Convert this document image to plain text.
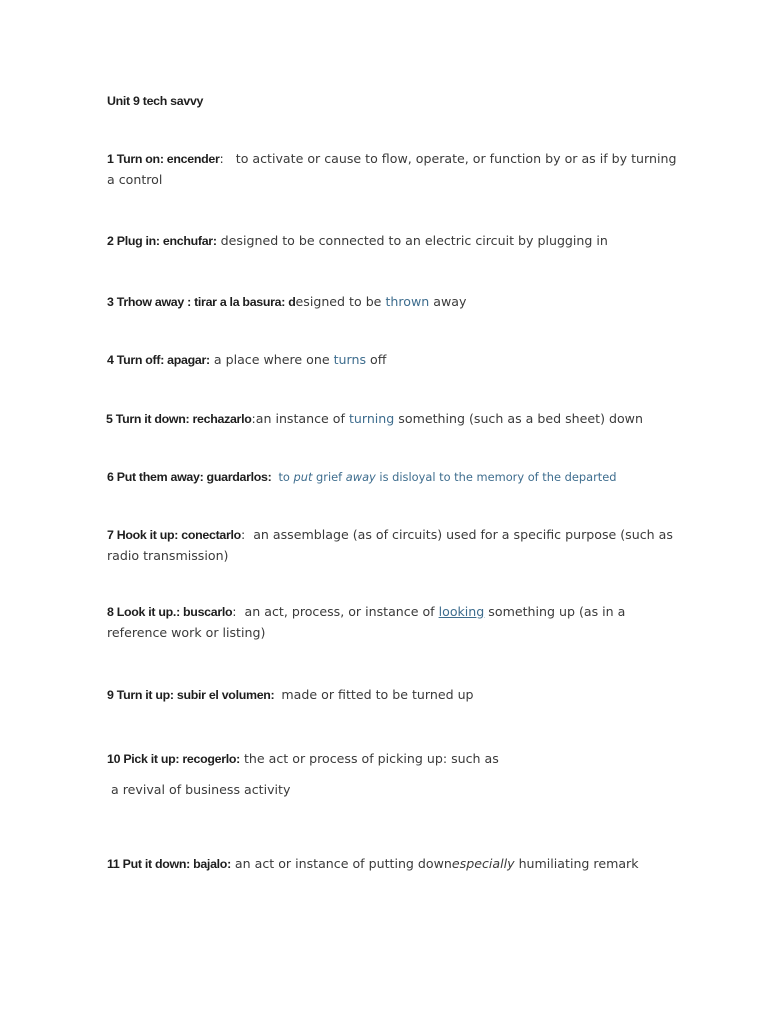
Unit 9 tech savvy
1 Turn on: encender:   to activate or cause to flow, operate, or function by or as if by turning a control
2 Plug in: enchufar: designed to be connected to an electric circuit by plugging in
3 Trhow away : tirar a la basura: designed to be thrown away
4 Turn off: apagar: a place where one turns off
5 Turn it down: rechazarlo:an instance of turning something (such as a bed sheet) down
6 Put them away: guardarlos: to put grief away is disloyal to the memory of the departed
7 Hook it up: conectarlo:  an assemblage (as of circuits) used for a specific purpose (such as radio transmission)
8 Look it up.: buscarlo:  an act, process, or instance of looking something up (as in a reference work or listing)
9 Turn it up: subir el volumen: made or fitted to be turned up
10 Pick it up: recogerlo: the act or process of picking up: such as
a revival of business activity
11 Put it down: bajalo: an act or instance of putting downespecially humiliating remark
